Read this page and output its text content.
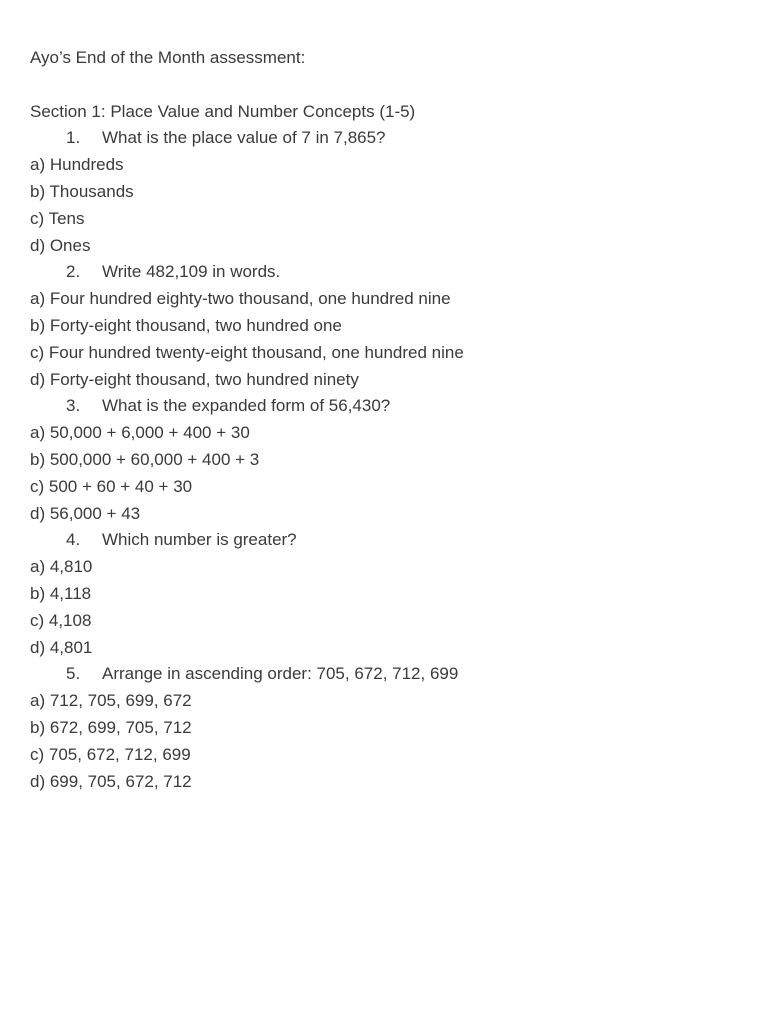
Ayo’s End of the Month assessment:
Section 1: Place Value and Number Concepts (1-5)
1. What is the place value of 7 in 7,865?
a) Hundreds
b) Thousands
c) Tens
d) Ones
2. Write 482,109 in words.
a) Four hundred eighty-two thousand, one hundred nine
b) Forty-eight thousand, two hundred one
c) Four hundred twenty-eight thousand, one hundred nine
d) Forty-eight thousand, two hundred ninety
3. What is the expanded form of 56,430?
a) 50,000 + 6,000 + 400 + 30
b) 500,000 + 60,000 + 400 + 3
c) 500 + 60 + 40 + 30
d) 56,000 + 43
4. Which number is greater?
a) 4,810
b) 4,118
c) 4,108
d) 4,801
5. Arrange in ascending order: 705, 672, 712, 699
a) 712, 705, 699, 672
b) 672, 699, 705, 712
c) 705, 672, 712, 699
d) 699, 705, 672, 712
